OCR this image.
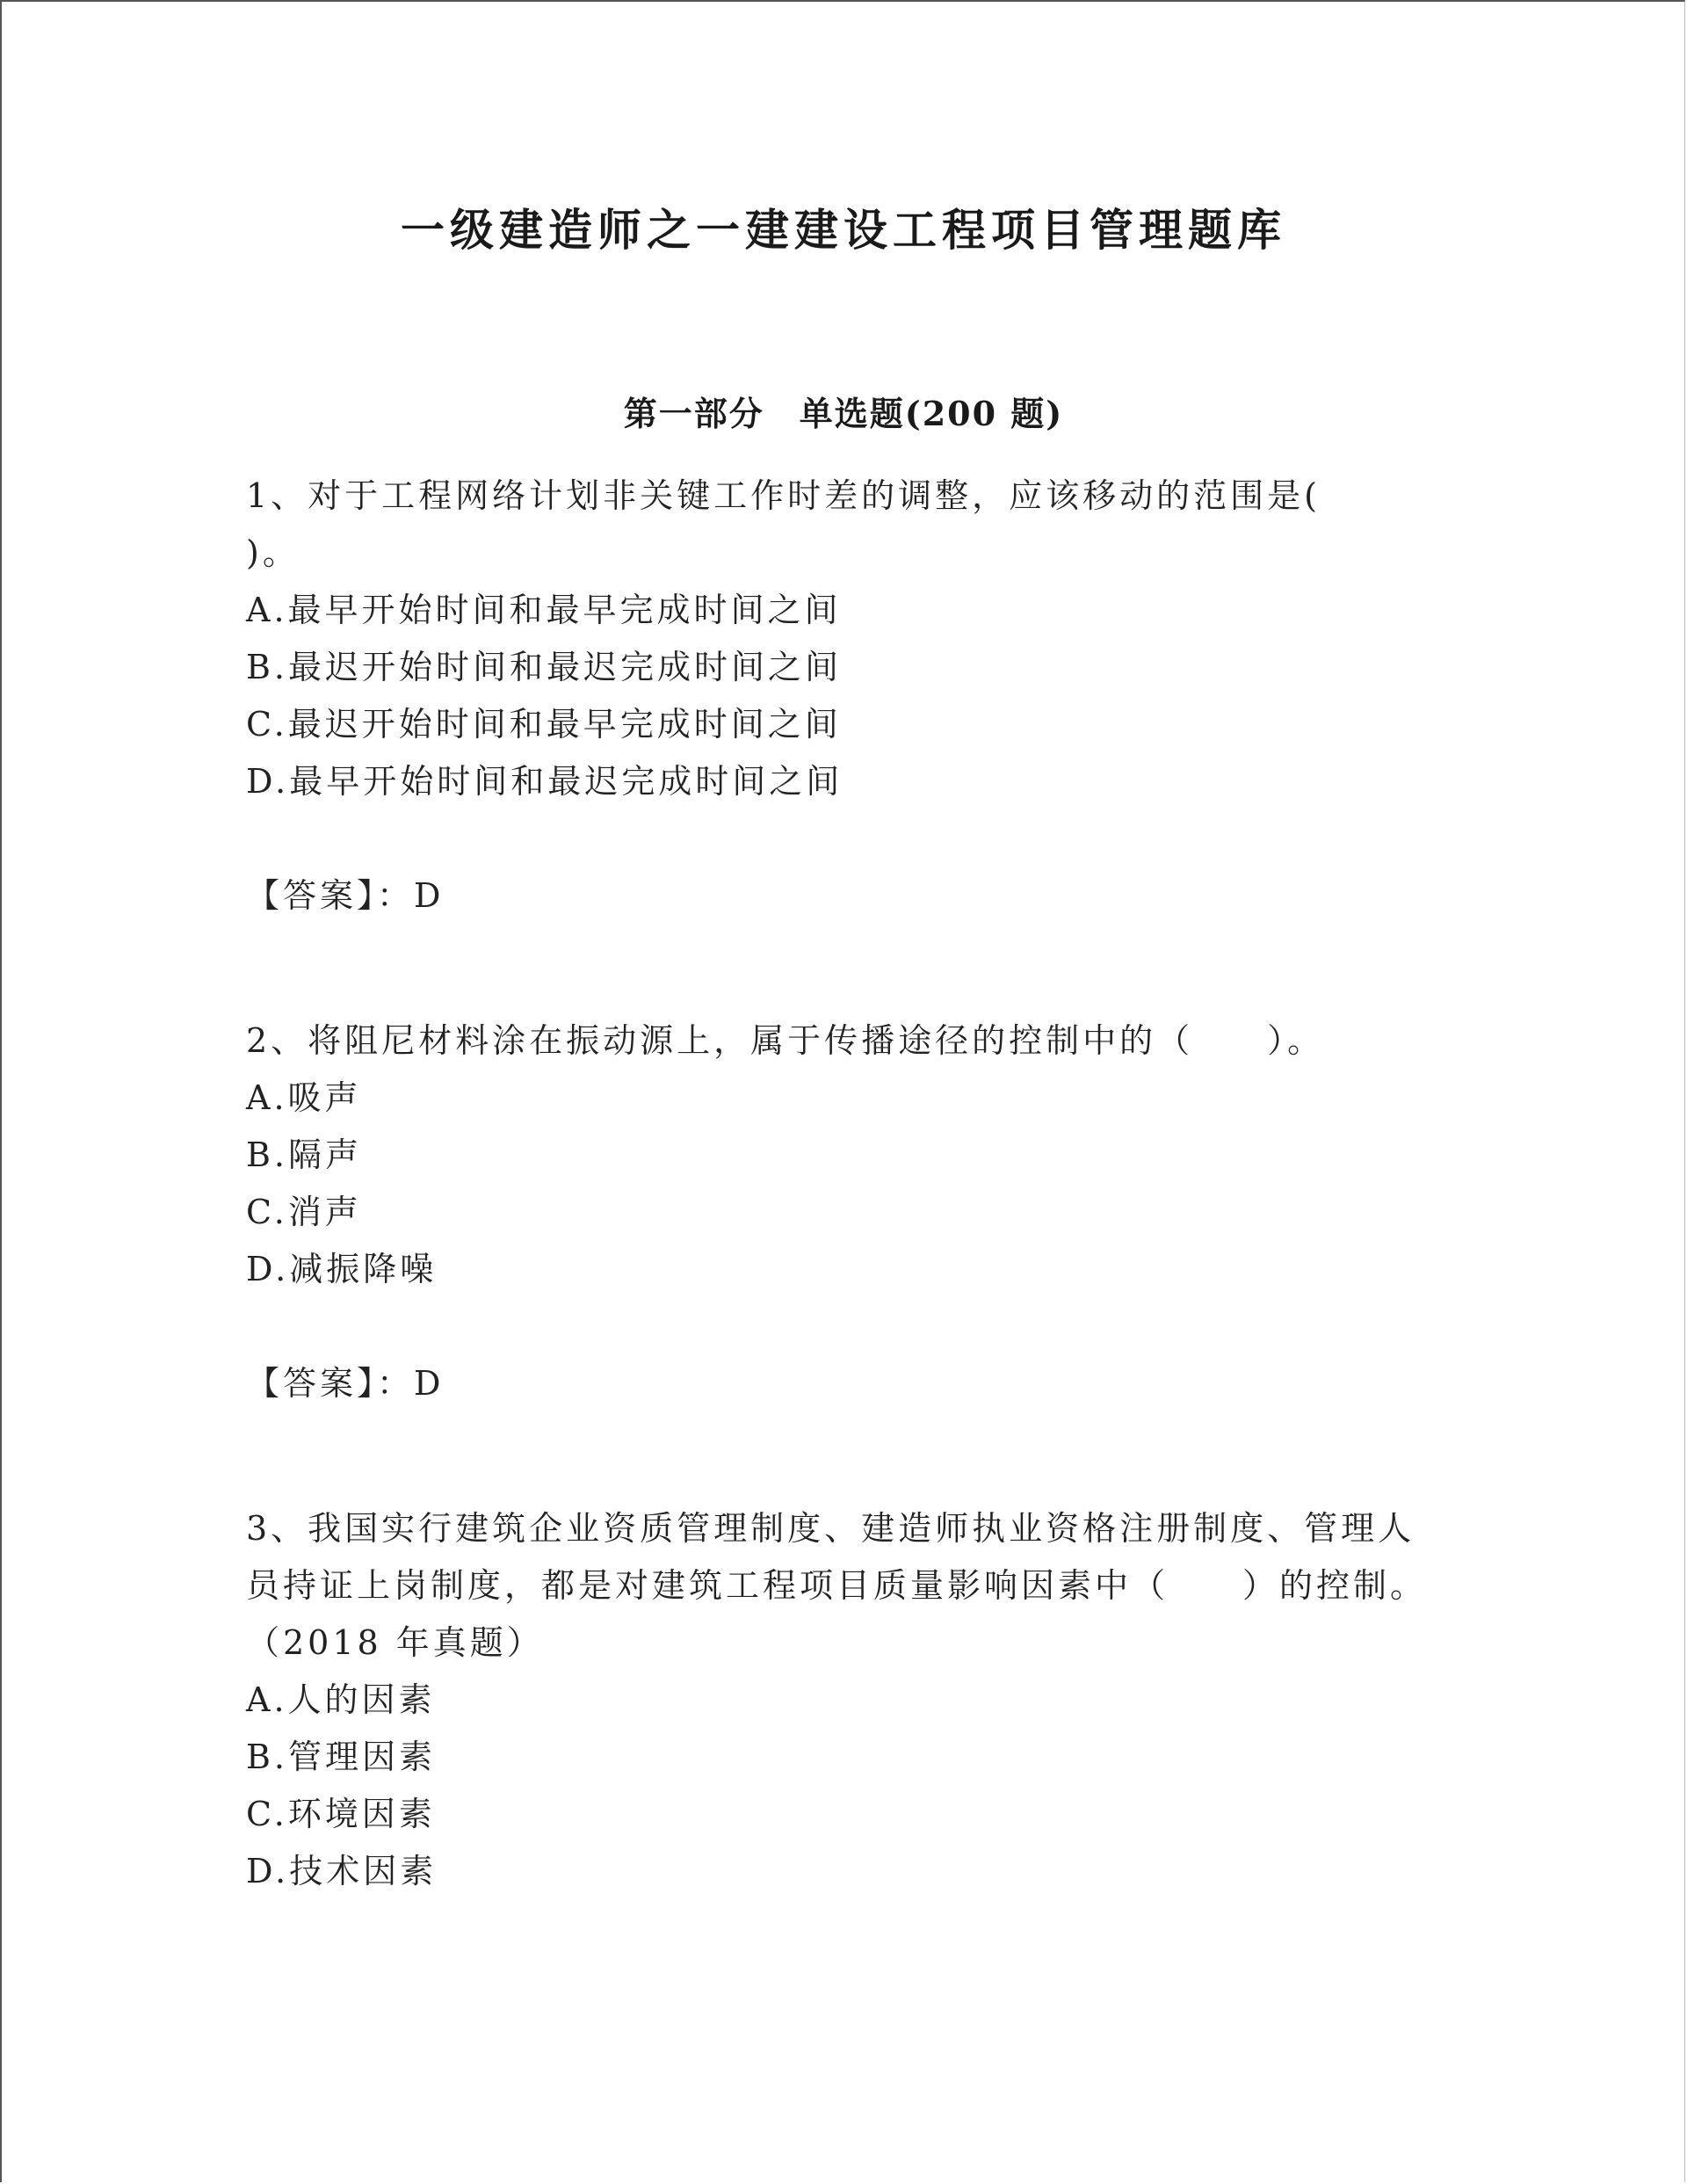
一级建造师之一建建设工程项目管理题库
第一部分　单选题(200 题)

1、对于工程网络计划非关键工作时差的调整，应该移动的范围是(
)。

A.最早开始时间和最早完成时间之间

B.最迟开始时间和最迟完成时间之间

C.最迟开始时间和最早完成时间之间

D.最早开始时间和最迟完成时间之间

【答案】：D

2、将阻尼材料涂在振动源上，属于传播途径的控制中的（　　）。

A.吸声

B.隔声

C.消声

D.减振降噪

【答案】：D

3、我国实行建筑企业资质管理制度、建造师执业资格注册制度、管理人员持证上岗制度，都是对建筑工程项目质量影响因素中（　　）的控制。（2018 年真题）

A.人的因素

B.管理因素

C.环境因素

D.技术因素
